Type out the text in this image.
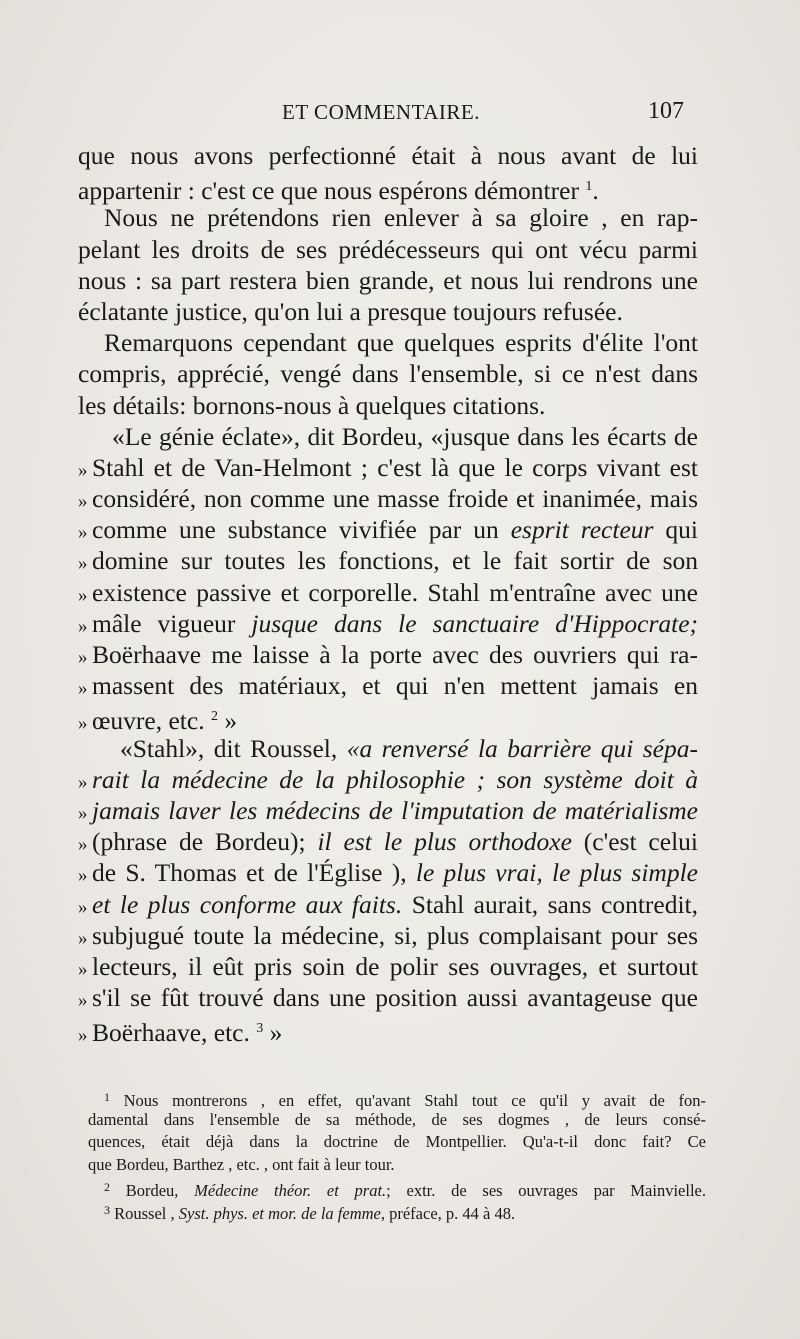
ET COMMENTAIRE.	107
que nous avons perfectionné était à nous avant de lui
appartenir : c'est ce que nous espérons démontrer $^1$.
Nous ne prétendons rien enlever à sa gloire , en rap-
pelant les droits de ses prédécesseurs qui ont vécu parmi
nous : sa part restera bien grande, et nous lui rendrons une
éclatante justice, qu'on lui a presque toujours refusée.
Remarquons cependant que quelques esprits d'élite l'ont
compris, apprécié, vengé dans l'ensemble, si ce n'est dans
les détails: bornons-nous à quelques citations.
«Le génie éclate», dit Bordeu, «jusque dans les écarts de
» Stahl et de Van-Helmont ; c'est là que le corps vivant est
» considéré, non comme une masse froide et inanimée, mais
» comme une substance vivifiée par un esprit recteur qui
» domine sur toutes les fonctions, et le fait sortir de son
» existence passive et corporelle. Stahl m'entraîne avec une
» mâle vigueur jusque dans le sanctuaire d'Hippocrate;
» Boërhaave me laisse à la porte avec des ouvriers qui ra-
» massent des matériaux, et qui n'en mettent jamais en
» œuvre, etc. $^2$ »
«Stahl», dit Roussel, «a renversé la barrière qui sépa-
» rait la médecine de la philosophie ; son système doit à
» jamais laver les médecins de l'imputation de matérialisme
» (phrase de Bordeu); il est le plus orthodoxe (c'est celui
» de S. Thomas et de l'Église ), le plus vrai, le plus simple
» et le plus conforme aux faits. Stahl aurait, sans contredit,
» subjugué toute la médecine, si, plus complaisant pour ses
» lecteurs, il eût pris soin de polir ses ouvrages, et surtout
» s'il se fût trouvé dans une position aussi avantageuse que
» Boërhaave, etc. $^3$ »
$^1$ Nous montrerons , en effet, qu'avant Stahl tout ce qu'il y avait de fon-
damental dans l'ensemble de sa méthode, de ses dogmes , de leurs consé-
quences, était déjà dans la doctrine de Montpellier. Qu'a-t-il donc fait? Ce
que Bordeu, Barthez , etc. , ont fait à leur tour.
$^2$ Bordeu, Médecine théor. et prat.; extr. de ses ouvrages par Mainvielle.
$^3$ Roussel , Syst. phys. et mor. de la femme, préface, p. 44 à 48.
